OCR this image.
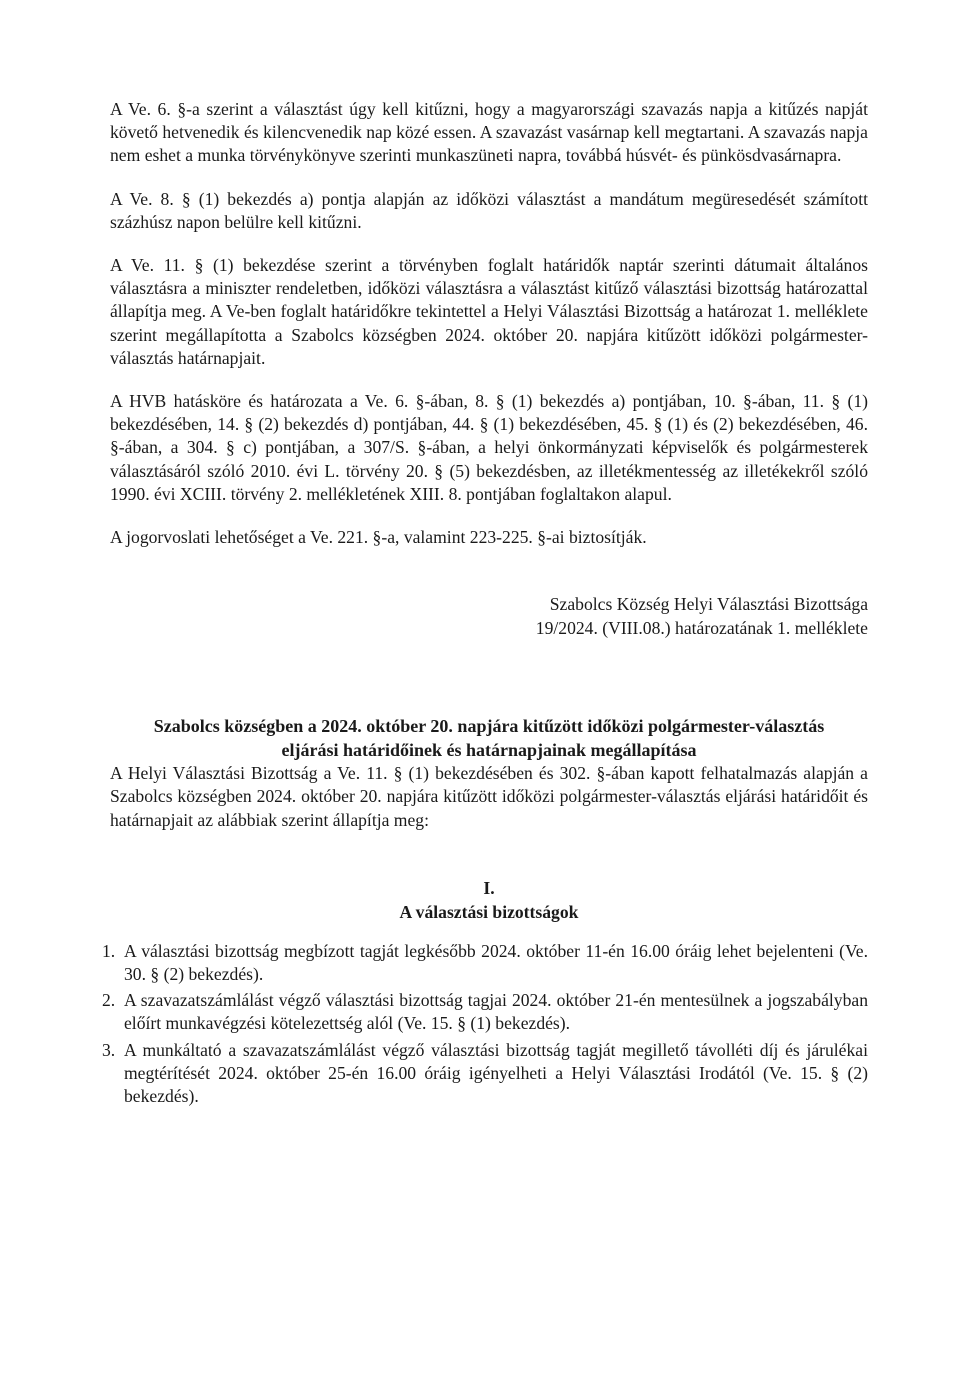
A Ve. 6. §-a szerint a választást úgy kell kitűzni, hogy a magyarországi szavazás napja a kitűzés napját követő hetvenedik és kilencvenedik nap közé essen. A szavazást vasárnap kell megtartani. A szavazás napja nem eshet a munka törvénykönyve szerinti munkaszüneti napra, továbbá húsvét- és pünkösdvasárnapra.

A Ve. 8. § (1) bekezdés a) pontja alapján az időközi választást a mandátum megüresedését számított százhúsz napon belülre kell kitűzni.

A Ve. 11. § (1) bekezdése szerint a törvényben foglalt határidők naptár szerinti dátumait általános választásra a miniszter rendeletben, időközi választásra a választást kitűző választási bizottság határozattal állapítja meg. A Ve-ben foglalt határidőkre tekintettel a Helyi Választási Bizottság a határozat 1. melléklete szerint megállapította a Szabolcs községben 2024. október 20. napjára kitűzött időközi polgármester-választás határnapjait.

A HVB hatásköre és határozata a Ve. 6. §-ában, 8. § (1) bekezdés a) pontjában, 10. §-ában, 11. § (1) bekezdésében, 14. § (2) bekezdés d) pontjában, 44. § (1) bekezdésében, 45. § (1) és (2) bekezdésében, 46. §-ában, a 304. § c) pontjában, a 307/S. §-ában, a helyi önkormányzati képviselők és polgármesterek választásáról szóló 2010. évi L. törvény 20. § (5) bekezdésben, az illetékmentesség az illetékekről szóló 1990. évi XCIII. törvény 2. mellékletének XIII. 8. pontjában foglaltakon alapul.

A jogorvoslati lehetőséget a Ve. 221. §-a, valamint 223-225. §-ai biztosítják.

Szabolcs Község Helyi Választási Bizottsága
19/2024. (VIII.08.) határozatának 1. melléklete
Szabolcs községben a 2024. október 20. napjára kitűzött időközi polgármester-választás
eljárási határidőinek és határnapjainak megállapítása

A Helyi Választási Bizottság a Ve. 11. § (1) bekezdésében és 302. §-ában kapott felhatalmazás alapján a Szabolcs községben 2024. október 20. napjára kitűzött időközi polgármester-választás eljárási határidőit és határnapjait az alábbiak szerint állapítja meg:

I.
A választási bizottságok
1. A választási bizottság megbízott tagját legkésőbb 2024. október 11-én 16.00 óráig lehet bejelenteni (Ve. 30. § (2) bekezdés).
2. A szavazatszámlálást végző választási bizottság tagjai 2024. október 21-én mentesülnek a jogszabályban előírt munkavégzési kötelezettség alól (Ve. 15. § (1) bekezdés).
3. A munkáltató a szavazatszámlálást végző választási bizottság tagját megillető távolléti díj és járulékai megtérítését 2024. október 25-én 16.00 óráig igényelheti a Helyi Választási Irodától (Ve. 15. § (2) bekezdés).
